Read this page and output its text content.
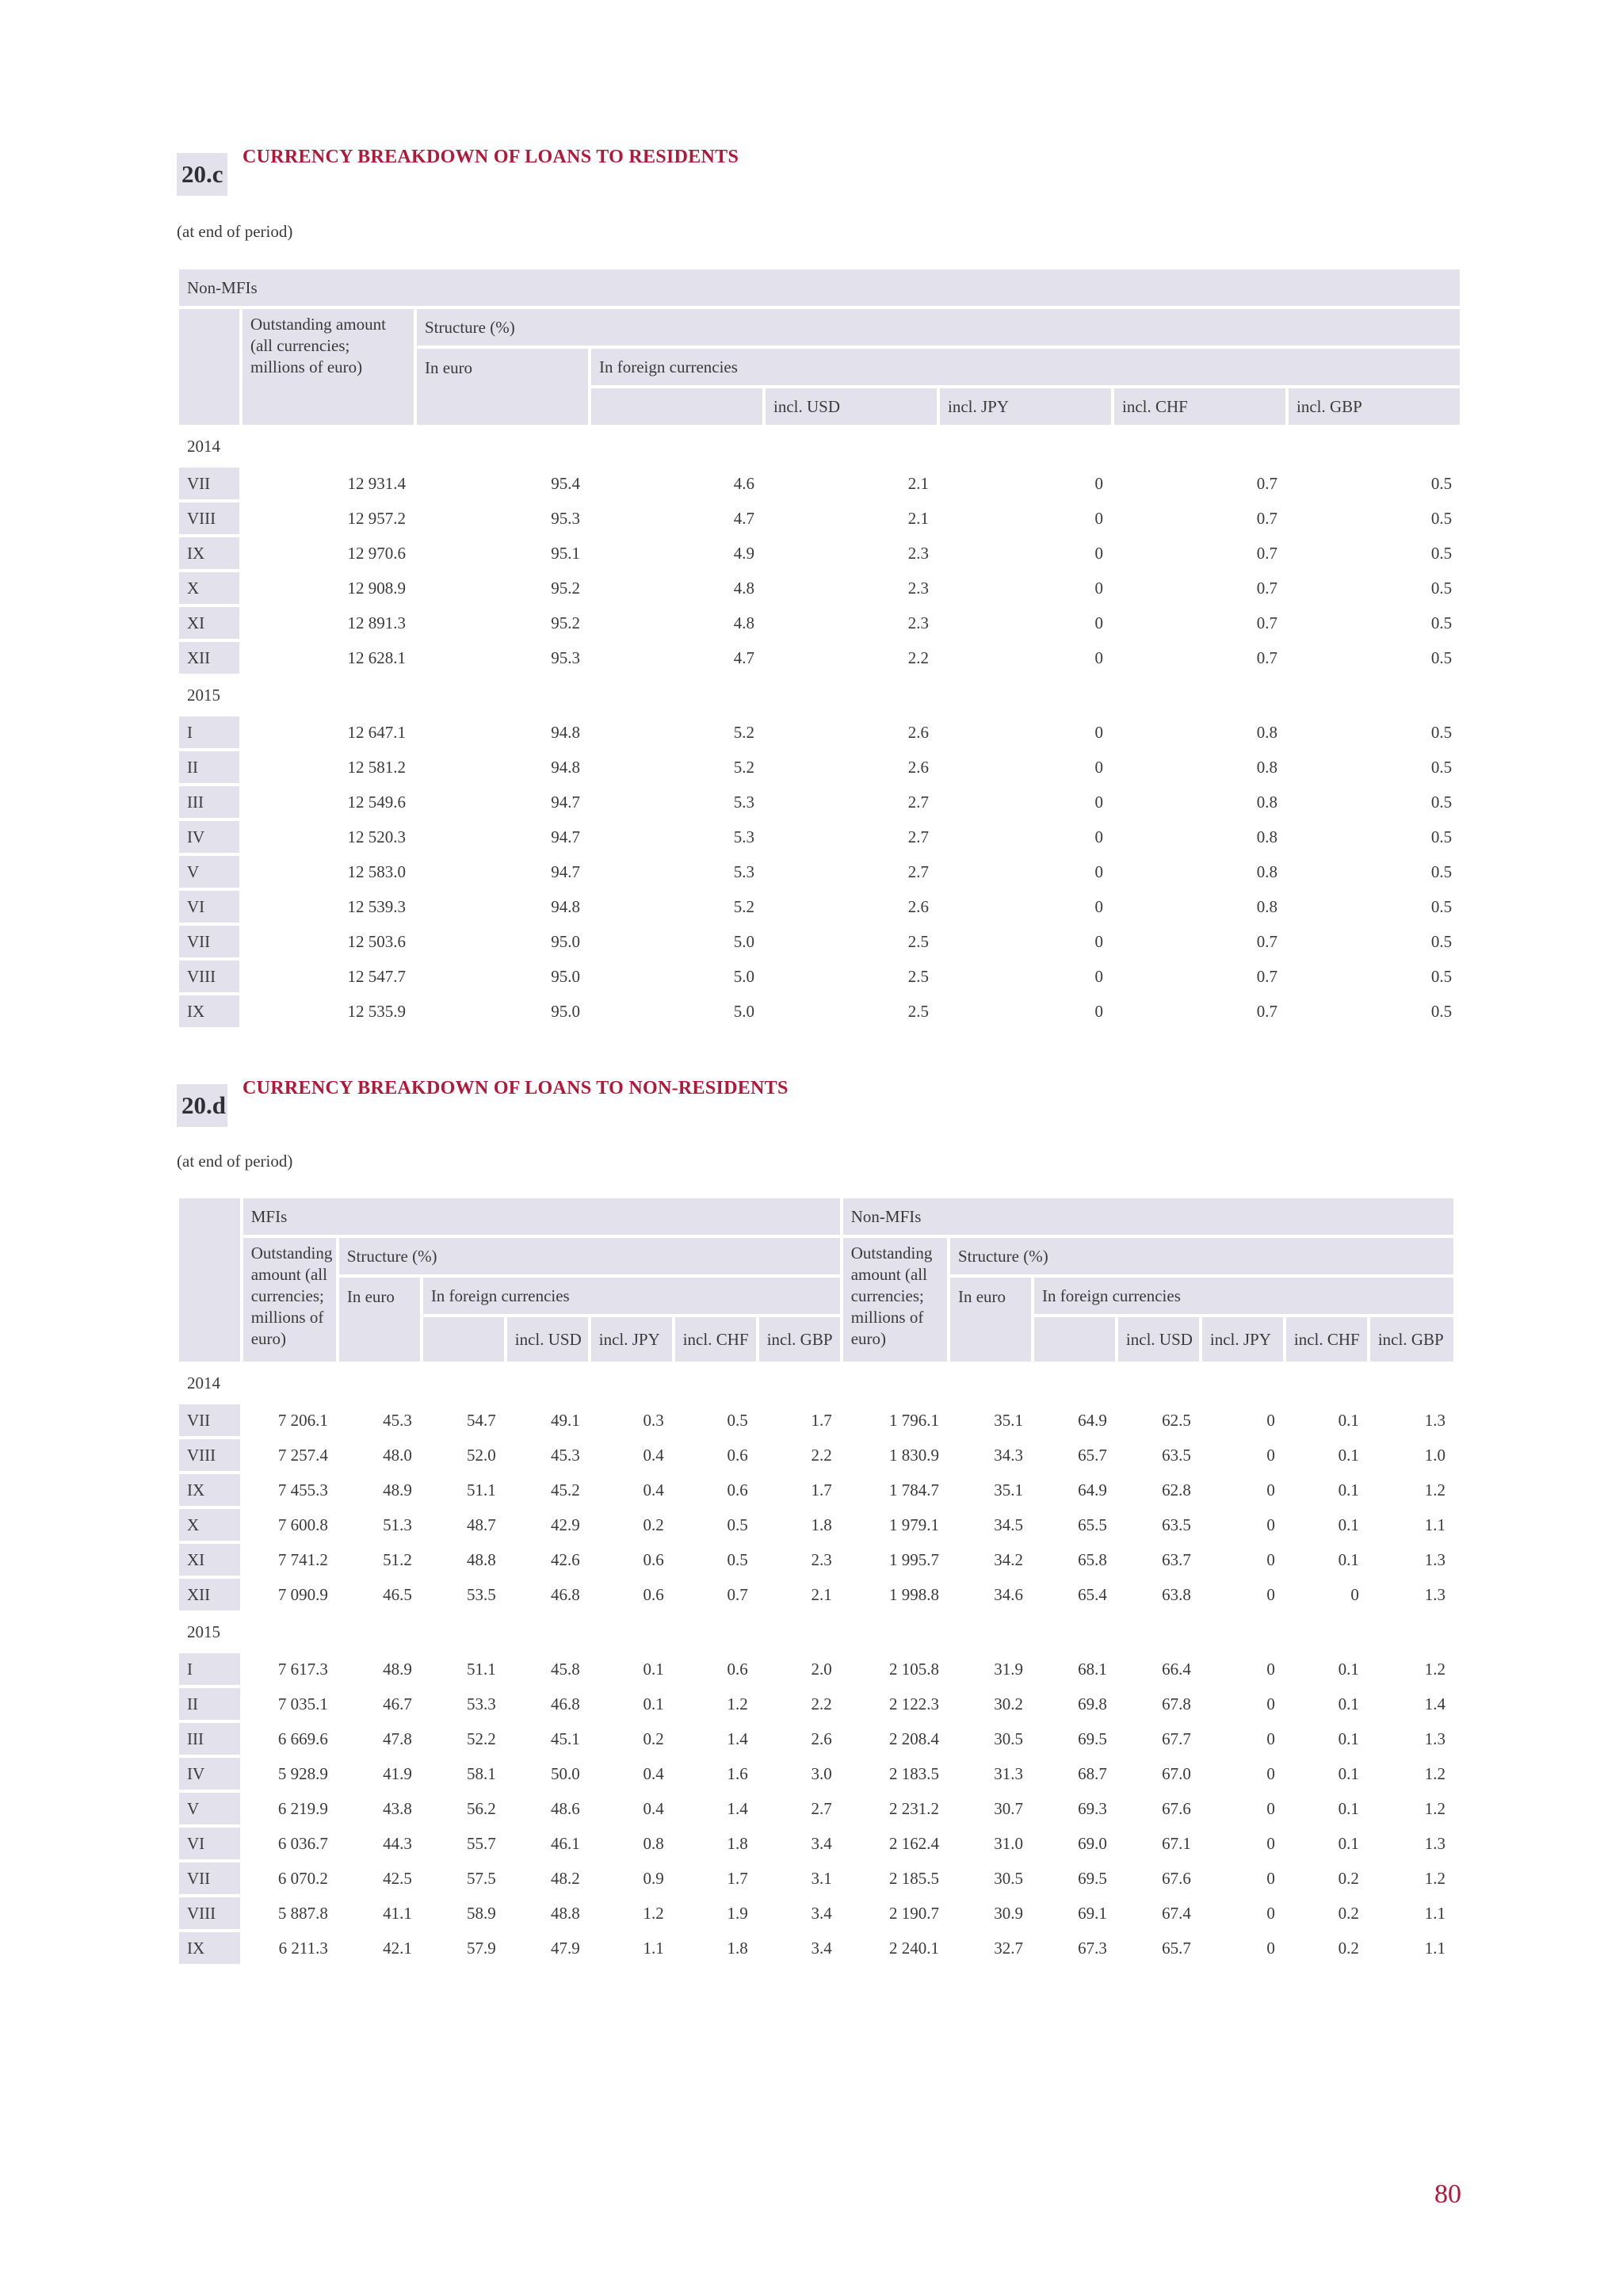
20.c
CURRENCY BREAKDOWN OF LOANS TO RESIDENTS
(at end of period)
Non-MFIs							
	Outstanding amount (all currencies; millions of euro)	Structure (%)					
		In euro	In foreign currencies				
				incl. USD	incl. JPY	incl. CHF	incl. GBP
2014							
VII	12 931.4	95.4	4.6	2.1	0	0.7	0.5
VIII	12 957.2	95.3	4.7	2.1	0	0.7	0.5
IX	12 970.6	95.1	4.9	2.3	0	0.7	0.5
X	12 908.9	95.2	4.8	2.3	0	0.7	0.5
XI	12 891.3	95.2	4.8	2.3	0	0.7	0.5
XII	12 628.1	95.3	4.7	2.2	0	0.7	0.5
2015							
I	12 647.1	94.8	5.2	2.6	0	0.8	0.5
II	12 581.2	94.8	5.2	2.6	0	0.8	0.5
III	12 549.6	94.7	5.3	2.7	0	0.8	0.5
IV	12 520.3	94.7	5.3	2.7	0	0.8	0.5
V	12 583.0	94.7	5.3	2.7	0	0.8	0.5
VI	12 539.3	94.8	5.2	2.6	0	0.8	0.5
VII	12 503.6	95.0	5.0	2.5	0	0.7	0.5
VIII	12 547.7	95.0	5.0	2.5	0	0.7	0.5
IX	12 535.9	95.0	5.0	2.5	0	0.7	0.5
20.d
CURRENCY BREAKDOWN OF LOANS TO NON-RESIDENTS
(at end of period)
	MFIs							Non-MFIs						
	Outstanding amount (all currencies; millions of euro)	Structure (%)						Outstanding amount (all currencies; millions of euro)	Structure (%)					
		In euro	In foreign currencies						In euro	In foreign currencies				
				incl. USD	incl. JPY	incl. CHF	incl. GBP				incl. USD	incl. JPY	incl. CHF	incl. GBP
2014														
VII	7 206.1	45.3	54.7	49.1	0.3	0.5	1.7	1 796.1	35.1	64.9	62.5	0	0.1	1.3
VIII	7 257.4	48.0	52.0	45.3	0.4	0.6	2.2	1 830.9	34.3	65.7	63.5	0	0.1	1.0
IX	7 455.3	48.9	51.1	45.2	0.4	0.6	1.7	1 784.7	35.1	64.9	62.8	0	0.1	1.2
X	7 600.8	51.3	48.7	42.9	0.2	0.5	1.8	1 979.1	34.5	65.5	63.5	0	0.1	1.1
XI	7 741.2	51.2	48.8	42.6	0.6	0.5	2.3	1 995.7	34.2	65.8	63.7	0	0.1	1.3
XII	7 090.9	46.5	53.5	46.8	0.6	0.7	2.1	1 998.8	34.6	65.4	63.8	0	0	1.3
2015														
I	7 617.3	48.9	51.1	45.8	0.1	0.6	2.0	2 105.8	31.9	68.1	66.4	0	0.1	1.2
II	7 035.1	46.7	53.3	46.8	0.1	1.2	2.2	2 122.3	30.2	69.8	67.8	0	0.1	1.4
III	6 669.6	47.8	52.2	45.1	0.2	1.4	2.6	2 208.4	30.5	69.5	67.7	0	0.1	1.3
IV	5 928.9	41.9	58.1	50.0	0.4	1.6	3.0	2 183.5	31.3	68.7	67.0	0	0.1	1.2
V	6 219.9	43.8	56.2	48.6	0.4	1.4	2.7	2 231.2	30.7	69.3	67.6	0	0.1	1.2
VI	6 036.7	44.3	55.7	46.1	0.8	1.8	3.4	2 162.4	31.0	69.0	67.1	0	0.1	1.3
VII	6 070.2	42.5	57.5	48.2	0.9	1.7	3.1	2 185.5	30.5	69.5	67.6	0	0.2	1.2
VIII	5 887.8	41.1	58.9	48.8	1.2	1.9	3.4	2 190.7	30.9	69.1	67.4	0	0.2	1.1
IX	6 211.3	42.1	57.9	47.9	1.1	1.8	3.4	2 240.1	32.7	67.3	65.7	0	0.2	1.1
80
